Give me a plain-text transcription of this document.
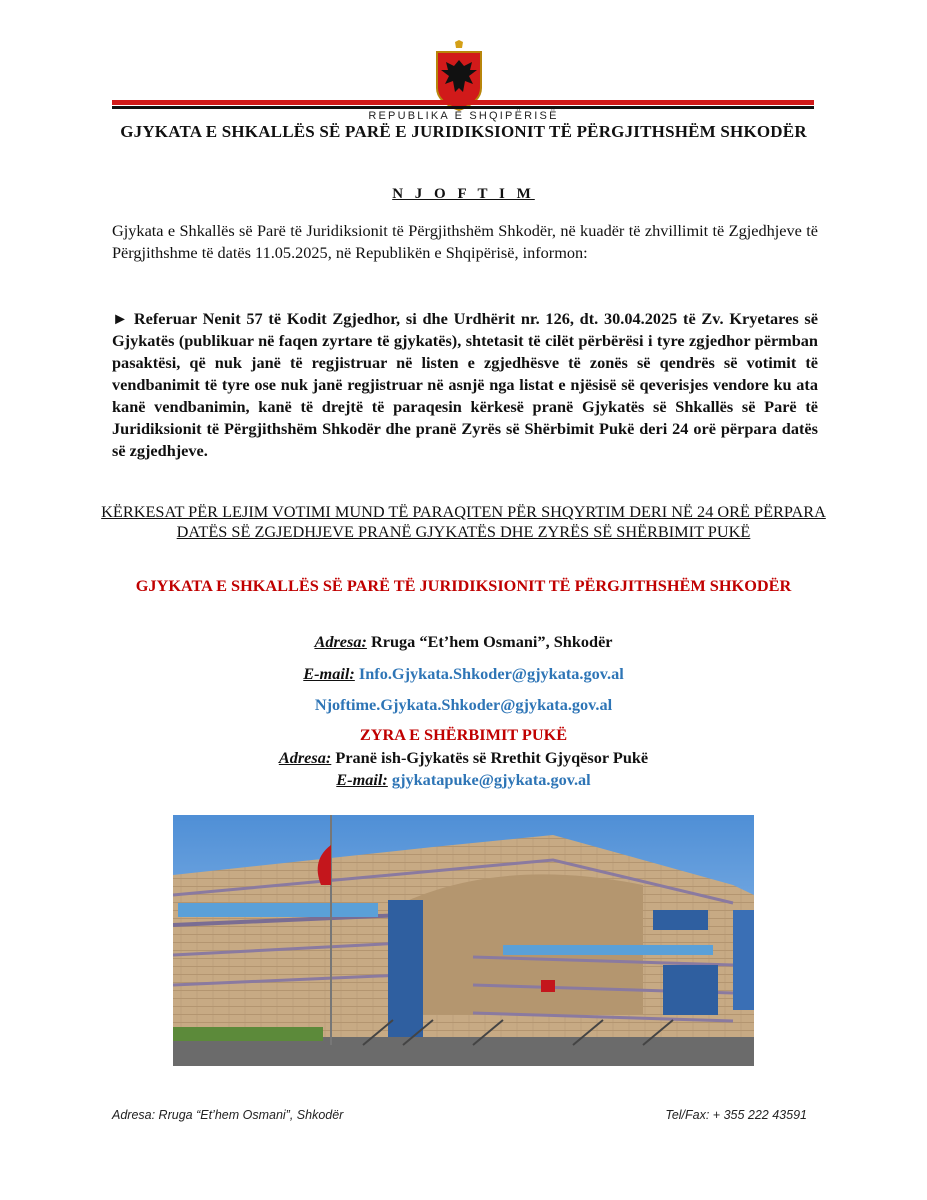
REPUBLIKA E SHQIPËRISË
GJYKATA E SHKALLËS SË PARË E JURIDIKSIONIT TË PËRGJITHSHËM SHKODËR
N J O F T I M
Gjykata e Shkallës së Parë të Juridiksionit të Përgjithshëm Shkodër, në kuadër të zhvillimit të Zgjedhjeve të Përgjithshme të datës 11.05.2025, në Republikën e Shqipërisë, informon:
► Referuar Nenit 57 të Kodit Zgjedhor, si dhe Urdhërit nr. 126, dt. 30.04.2025 të Zv. Kryetares së Gjykatës (publikuar në faqen zyrtare të gjykatës), shtetasit të cilët përbërësi i tyre zgjedhor përmban pasaktësi, që nuk janë të regjistruar në listen e zgjedhësve të zonës së qendrës së votimit të vendbanimit të tyre ose nuk janë regjistruar në asnjë nga listat e njësisë së qeverisjes vendore ku ata kanë vendbanimin, kanë të drejtë të paraqesin kërkesë pranë Gjykatës së Shkallës së Parë të Juridiksionit të Përgjithshëm Shkodër dhe pranë Zyrës së Shërbimit Pukë deri 24 orë përpara datës së zgjedhjeve.
KËRKESAT PËR LEJIM VOTIMI MUND TË PARAQITEN PËR SHQYRTIM DERI NË 24 ORË PËRPARA DATËS SË ZGJEDHJEVE PRANË GJYKATËS DHE ZYRËS SË SHËRBIMIT PUKË
GJYKATA E SHKALLËS SË PARË TË JURIDIKSIONIT TË PËRGJITHSHËM SHKODËR
Adresa: Rruga “Et’hem Osmani”, Shkodër
E-mail: Info.Gjykata.Shkoder@gjykata.gov.al
Njoftime.Gjykata.Shkoder@gjykata.gov.al
ZYRA E SHËRBIMIT PUKË
Adresa: Pranë ish-Gjykatës së Rrethit Gjyqësor Pukë
E-mail: gjykatapuke@gjykata.gov.al
Adresa: Rruga “Et’hem Osmani”, Shkodër	Tel/Fax: + 355 222 43591
